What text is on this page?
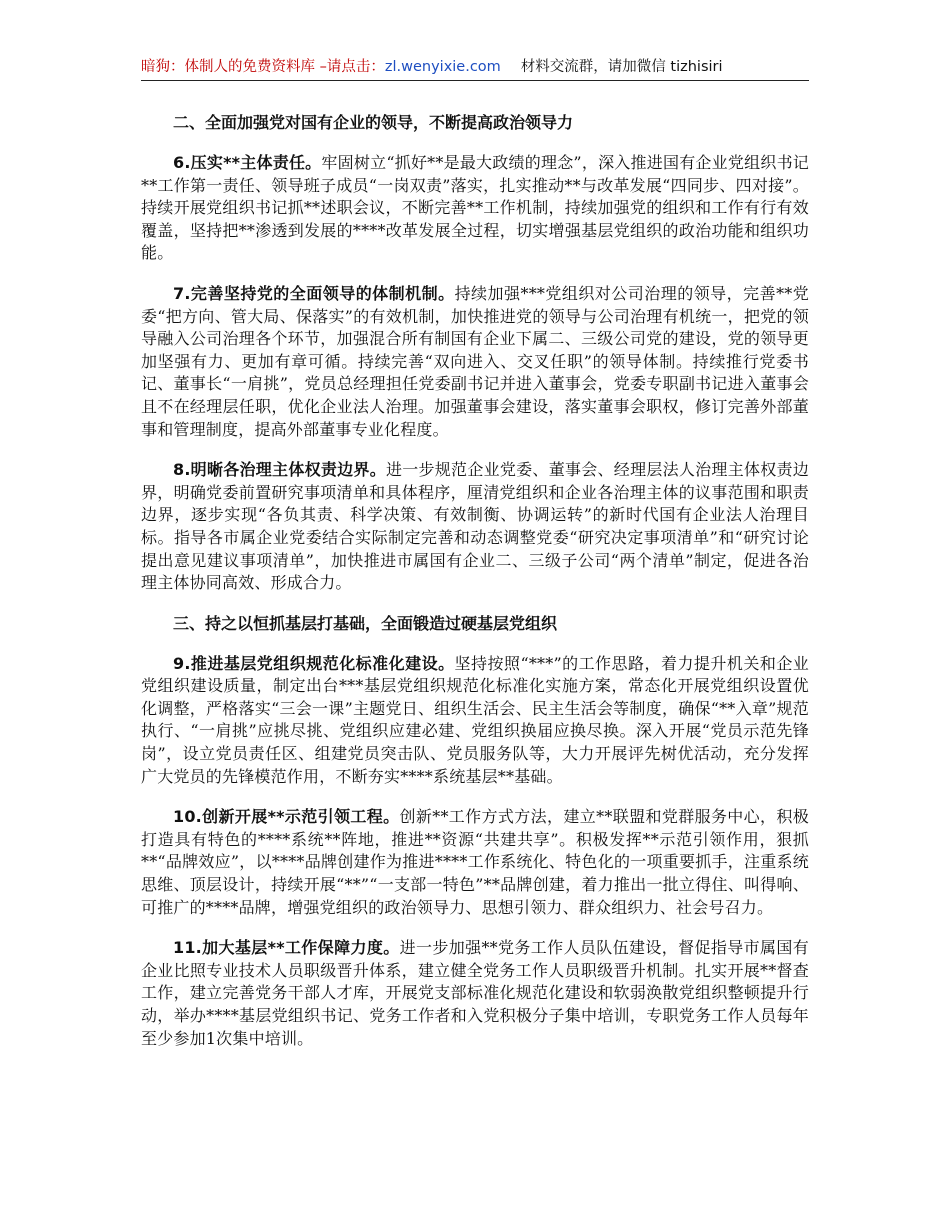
暗狗：体制人的免费资料库 –请点击：zl.wenyixie.com 材料交流群，请加微信 tizhisiri
二、全面加强党对国有企业的领导，不断提高政治领导力

6.压实**主体责任。牢固树立“抓好**是最大政绩的理念”，深入推进国有企业党组织书记**工作第一责任、领导班子成员“一岗双责”落实，扎实推动**与改革发展“四同步、四对接”。持续开展党组织书记抓**述职会议，不断完善**工作机制，持续加强党的组织和工作有行有效覆盖，坚持把**渗透到发展的****改革发展全过程，切实增强基层党组织的政治功能和组织功能。

7.完善坚持党的全面领导的体制机制。持续加强***党组织对公司治理的领导，完善**党委“把方向、管大局、保落实”的有效机制，加快推进党的领导与公司治理有机统一，把党的领导融入公司治理各个环节，加强混合所有制国有企业下属二、三级公司党的建设，党的领导更加坚强有力、更加有章可循。持续完善“双向进入、交叉任职”的领导体制。持续推行党委书记、董事长“一肩挑”，党员总经理担任党委副书记并进入董事会，党委专职副书记进入董事会且不在经理层任职，优化企业法人治理。加强董事会建设，落实董事会职权，修订完善外部董事和管理制度，提高外部董事专业化程度。

8.明晰各治理主体权责边界。进一步规范企业党委、董事会、经理层法人治理主体权责边界，明确党委前置研究事项清单和具体程序，厘清党组织和企业各治理主体的议事范围和职责边界，逐步实现“各负其责、科学决策、有效制衡、协调运转”的新时代国有企业法人治理目标。指导各市属企业党委结合实际制定完善和动态调整党委“研究决定事项清单”和“研究讨论提出意见建议事项清单”，加快推进市属国有企业二、三级子公司“两个清单”制定，促进各治理主体协同高效、形成合力。

三、持之以恒抓基层打基础，全面锻造过硬基层党组织

9.推进基层党组织规范化标准化建设。坚持按照“***”的工作思路，着力提升机关和企业党组织建设质量，制定出台***基层党组织规范化标准化实施方案，常态化开展党组织设置优化调整，严格落实“三会一课”主题党日、组织生活会、民主生活会等制度，确保“**入章”规范执行、“一肩挑”应挑尽挑、党组织应建必建、党组织换届应换尽换。深入开展“党员示范先锋岗”，设立党员责任区、组建党员突击队、党员服务队等，大力开展评先树优活动，充分发挥广大党员的先锋模范作用，不断夯实****系统基层**基础。

10.创新开展**示范引领工程。创新**工作方式方法，建立**联盟和党群服务中心，积极打造具有特色的****系统**阵地，推进**资源“共建共享”。积极发挥**示范引领作用，狠抓**“品牌效应”，以****品牌创建作为推进****工作系统化、特色化的一项重要抓手，注重系统思维、顶层设计，持续开展“**”“一支部一特色”**品牌创建，着力推出一批立得住、叫得响、可推广的****品牌，增强党组织的政治领导力、思想引领力、群众组织力、社会号召力。

11.加大基层**工作保障力度。进一步加强**党务工作人员队伍建设，督促指导市属国有企业比照专业技术人员职级晋升体系，建立健全党务工作人员职级晋升机制。扎实开展**督查工作，建立完善党务干部人才库，开展党支部标准化规范化建设和软弱涣散党组织整顿提升行动，举办****基层党组织书记、党务工作者和入党积极分子集中培训，专职党务工作人员每年至少参加1次集中培训。
